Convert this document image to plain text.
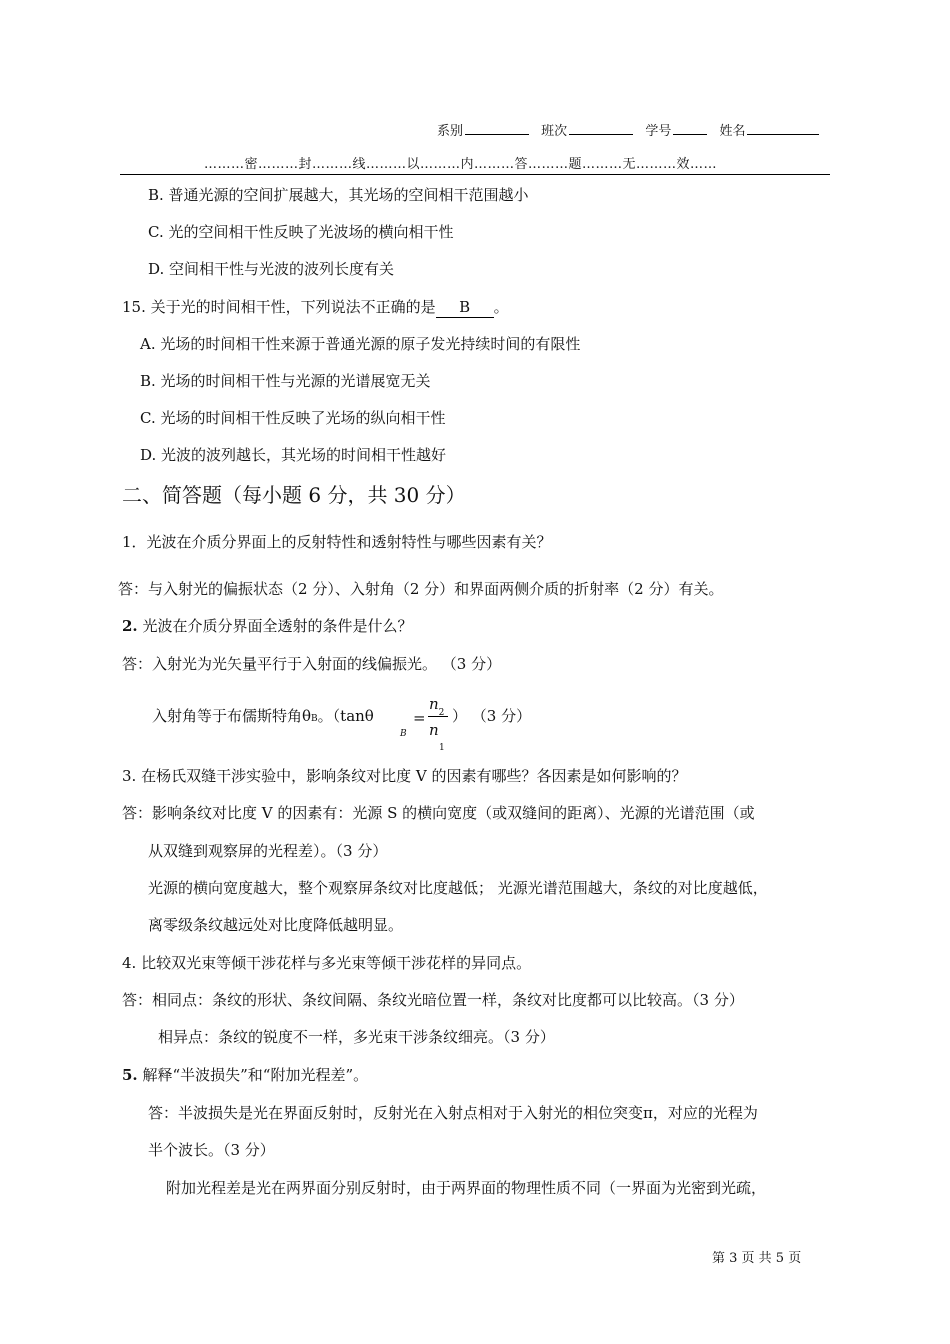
系别	班次	学号	姓名
………密………封………线………以………内………答………题………无………效……
B. 普通光源的空间扩展越大，其光场的空间相干范围越小
C. 光的空间相干性反映了光波场的横向相干性
D. 空间相干性与光波的波列长度有关
15. 关于光的时间相干性，下列说法不正确的是 B 。
A. 光场的时间相干性来源于普通光源的原子发光持续时间的有限性
B. 光场的时间相干性与光源的光谱展宽无关
C. 光场的时间相干性反映了光场的纵向相干性
D. 光波的波列越长，其光场的时间相干性越好
二、简答题（每小题 6 分，共 30 分）
1．光波在介质分界面上的反射特性和透射特性与哪些因素有关？
答：与入射光的偏振状态（2 分）、入射角（2 分）和界面两侧介质的折射率（2 分）有关。
2. 光波在介质分界面全透射的条件是什么？
答：入射光为光矢量平行于入射面的线偏振光。 （3 分）
入射角等于布儒斯特角θB。（tanθ
B
=
$n_2$
n
1
） （3 分）
3. 在杨氏双缝干涉实验中，影响条纹对比度 V 的因素有哪些？各因素是如何影响的？
答：影响条纹对比度 V 的因素有：光源 S 的横向宽度（或双缝间的距离）、光源的光谱范围（或
从双缝到观察屏的光程差）。（3 分）
光源的横向宽度越大，整个观察屏条纹对比度越低； 光源光谱范围越大，条纹的对比度越低，
离零级条纹越远处对比度降低越明显。
4. 比较双光束等倾干涉花样与多光束等倾干涉花样的异同点。
答：相同点：条纹的形状、条纹间隔、条纹光暗位置一样，条纹对比度都可以比较高。（3 分）
相异点：条纹的锐度不一样，多光束干涉条纹细亮。（3 分）
5. 解释“半波损失”和“附加光程差”。
答：半波损失是光在界面反射时，反射光在入射点相对于入射光的相位突变π，对应的光程为
半个波长。（3 分）
附加光程差是光在两界面分别反射时，由于两界面的物理性质不同（一界面为光密到光疏，
第 3 页 共 5 页
